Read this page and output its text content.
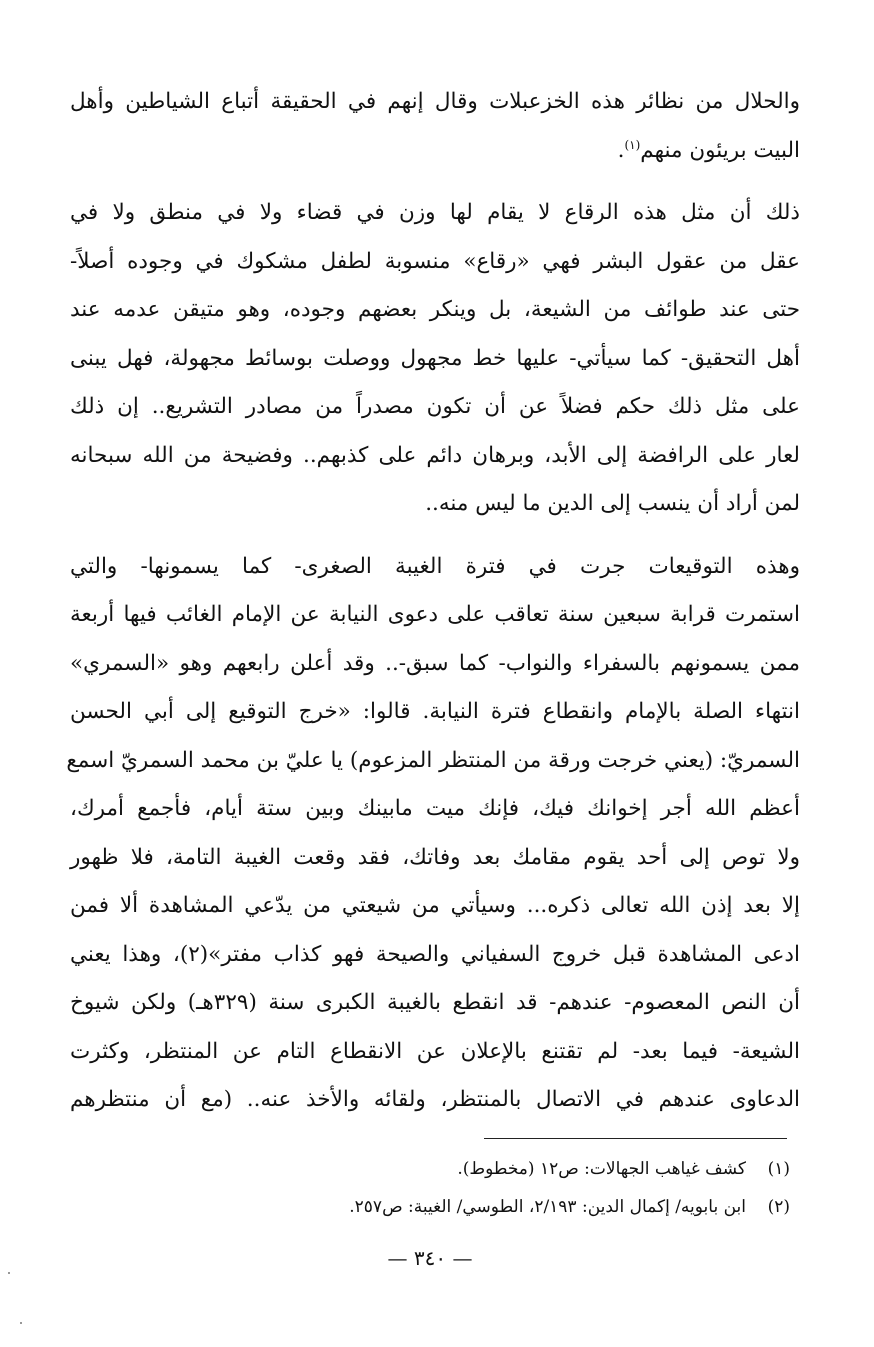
والحلال من نظائر هذه الخزعبلات وقال إنهم في الحقيقة أتباع الشياطين وأهل
البيت بريئون منهم$^{(١)}$.

ذلك أن مثل هذه الرقاع لا يقام لها وزن في قضاء ولا في منطق ولا في
عقل من عقول البشر فهي «رقاع» منسوبة لطفل مشكوك في وجوده أصلاً-
حتى عند طوائف من الشيعة، بل وينكر بعضهم وجوده، وهو متيقن عدمه عند
أهل التحقيق- كما سيأتي- عليها خط مجهول ووصلت بوسائط مجهولة، فهل يبنى
على مثل ذلك حكم فضلاً عن أن تكون مصدراً من مصادر التشريع.. إن ذلك
لعار على الرافضة إلى الأبد، وبرهان دائم على كذبهم.. وفضيحة من الله سبحانه
لمن أراد أن ينسب إلى الدين ما ليس منه..

وهذه التوقيعات جرت في فترة الغيبة الصغرى- كما يسمونها- والتي
استمرت قرابة سبعين سنة تعاقب على دعوى النيابة عن الإمام الغائب فيها أربعة
ممن يسمونهم بالسفراء والنواب- كما سبق-.. وقد أعلن رابعهم وهو «السمري»
انتهاء الصلة بالإمام وانقطاع فترة النيابة. قالوا: «خرج التوقيع إلى أبي الحسن
السمريّ: (يعني خرجت ورقة من المنتظر المزعوم) يا عليّ بن محمد السمريّ اسمع
أعظم الله أجر إخوانك فيك، فإنك ميت مابينك وبين ستة أيام، فأجمع أمرك،
ولا توص إلى أحد يقوم مقامك بعد وفاتك، فقد وقعت الغيبة التامة، فلا ظهور
إلا بعد إذن الله تعالى ذكره... وسيأتي من شيعتي من يدّعي المشاهدة ألا فمن
ادعى المشاهدة قبل خروج السفياني والصيحة فهو كذاب مفتر»(٢)، وهذا يعني
أن النص المعصوم- عندهم- قد انقطع بالغيبة الكبرى سنة (٣٢٩هـ) ولكن شيوخ
الشيعة- فيما بعد- لم تقتنع بالإعلان عن الانقطاع التام عن المنتظر، وكثرت
الدعاوى عندهم في الاتصال بالمنتظر، ولقائه والأخذ عنه.. (مع أن منتظرهم

(١)
كشف غياهب الجهالات: ص١٢ (مخطوط).
(٢)
ابن بابويه/ إكمال الدين: ٢/١٩٣، الطوسي/ الغيبة: ص٢٥٧.
— ٣٤٠ —
